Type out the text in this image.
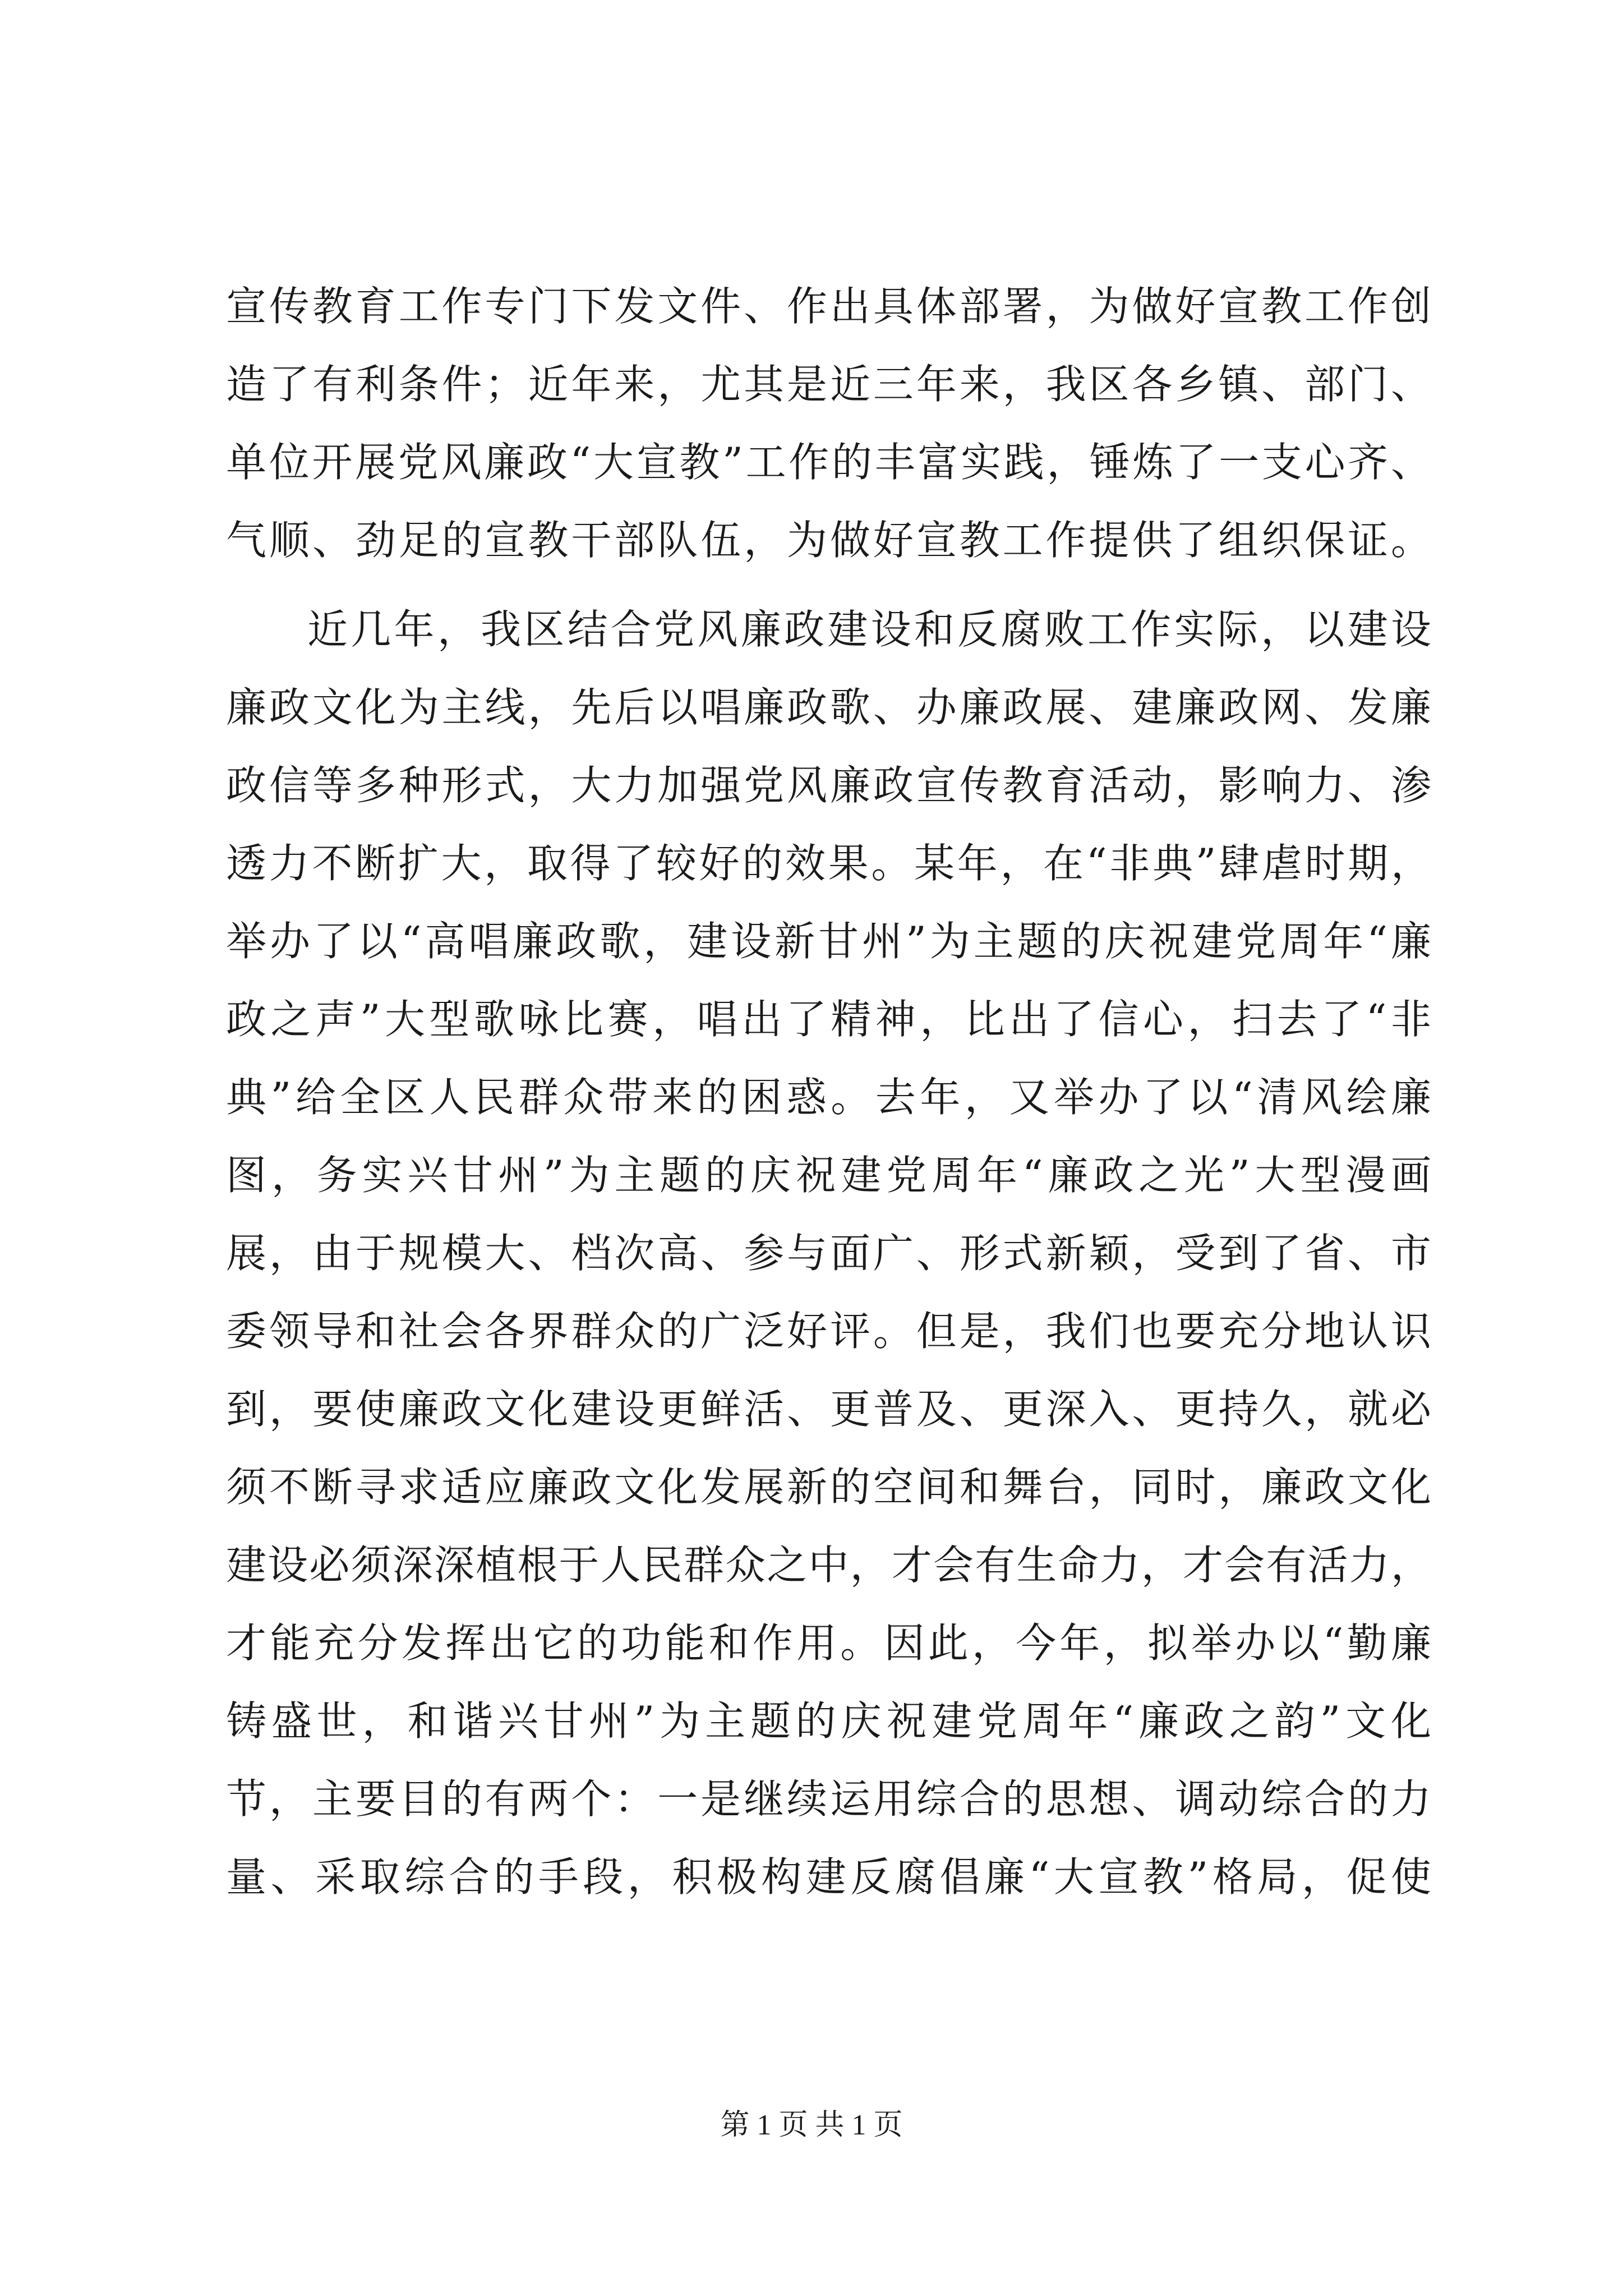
宣传教育工作专门下发文件、作出具体部署，为做好宣教工作创
造了有利条件；近年来，尤其是近三年来，我区各乡镇、部门、
单位开展党风廉政“大宣教”工作的丰富实践，锤炼了一支心齐、
气顺、劲足的宣教干部队伍，为做好宣教工作提供了组织保证。
近几年，我区结合党风廉政建设和反腐败工作实际，以建设
廉政文化为主线，先后以唱廉政歌、办廉政展、建廉政网、发廉
政信等多种形式，大力加强党风廉政宣传教育活动，影响力、渗
透力不断扩大，取得了较好的效果。某年，在“非典”肆虐时期，
举办了以“高唱廉政歌，建设新甘州”为主题的庆祝建党周年“廉
政之声”大型歌咏比赛，唱出了精神，比出了信心，扫去了“非
典”给全区人民群众带来的困惑。去年，又举办了以“清风绘廉
图，务实兴甘州”为主题的庆祝建党周年“廉政之光”大型漫画
展，由于规模大、档次高、参与面广、形式新颖，受到了省、市
委领导和社会各界群众的广泛好评。但是，我们也要充分地认识
到，要使廉政文化建设更鲜活、更普及、更深入、更持久，就必
须不断寻求适应廉政文化发展新的空间和舞台，同时，廉政文化
建设必须深深植根于人民群众之中，才会有生命力，才会有活力，
才能充分发挥出它的功能和作用。因此，今年，拟举办以“勤廉
铸盛世，和谐兴甘州”为主题的庆祝建党周年“廉政之韵”文化
节，主要目的有两个：一是继续运用综合的思想、调动综合的力
量、采取综合的手段，积极构建反腐倡廉“大宣教”格局，促使
第 1 页 共 1 页
